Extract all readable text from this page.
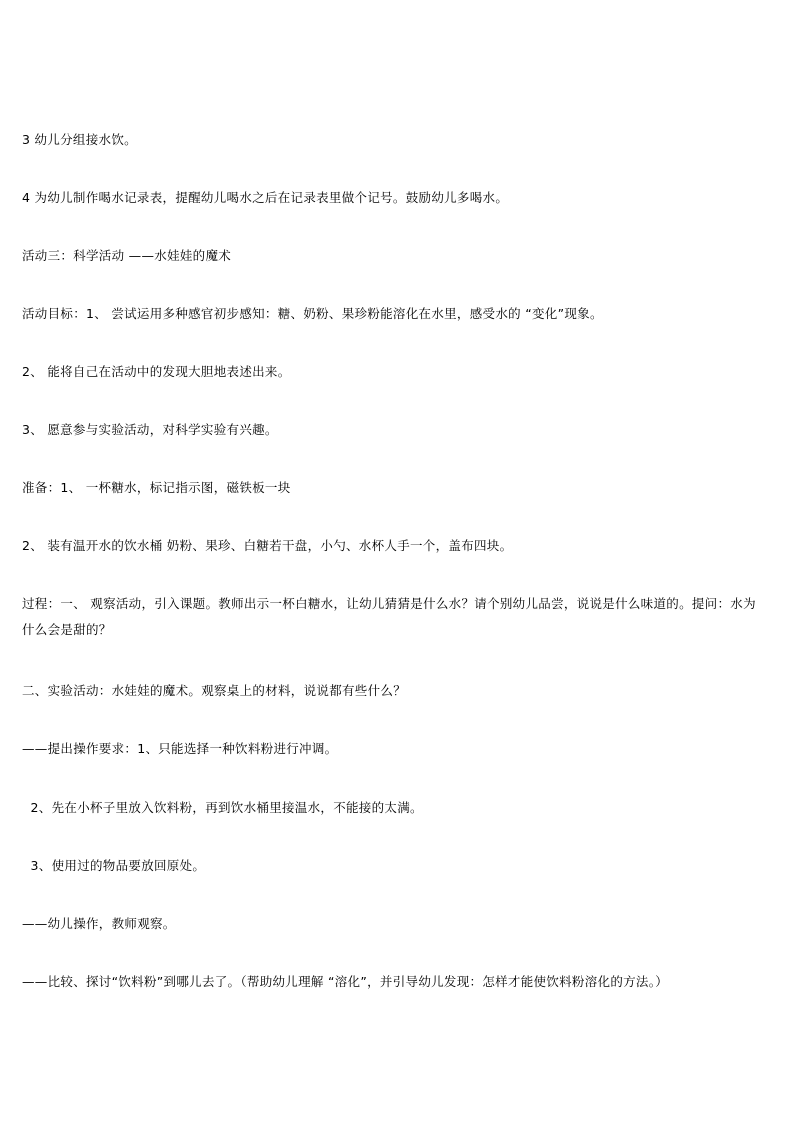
3 幼儿分组接水饮。
4 为幼儿制作喝水记录表，提醒幼儿喝水之后在记录表里做个记号。鼓励幼儿多喝水。
活动三：科学活动 ——水娃娃的魔术
活动目标：1、 尝试运用多种感官初步感知：糖、奶粉、果珍粉能溶化在水里，感受水的 “变化”现象。
2、 能将自己在活动中的发现大胆地表述出来。
3、 愿意参与实验活动，对科学实验有兴趣。
准备：1、 一杯糖水，标记指示图，磁铁板一块
2、 装有温开水的饮水桶 奶粉、果珍、白糖若干盘，小勺、水杯人手一个，盖布四块。
过程：一、 观察活动，引入课题。教师出示一杯白糖水，让幼儿猜猜是什么水？请个别幼儿品尝，说说是什么味道的。提问：水为什么会是甜的？
二、实验活动：水娃娃的魔术。观察桌上的材料，说说都有些什么？
——提出操作要求：1、只能选择一种饮料粉进行冲调。
2、先在小杯子里放入饮料粉，再到饮水桶里接温水，不能接的太满。
3、使用过的物品要放回原处。
——幼儿操作，教师观察。
——比较、探讨“饮料粉”到哪儿去了。（帮助幼儿理解 “溶化”，并引导幼儿发现：怎样才能使饮料粉溶化的方法。）
